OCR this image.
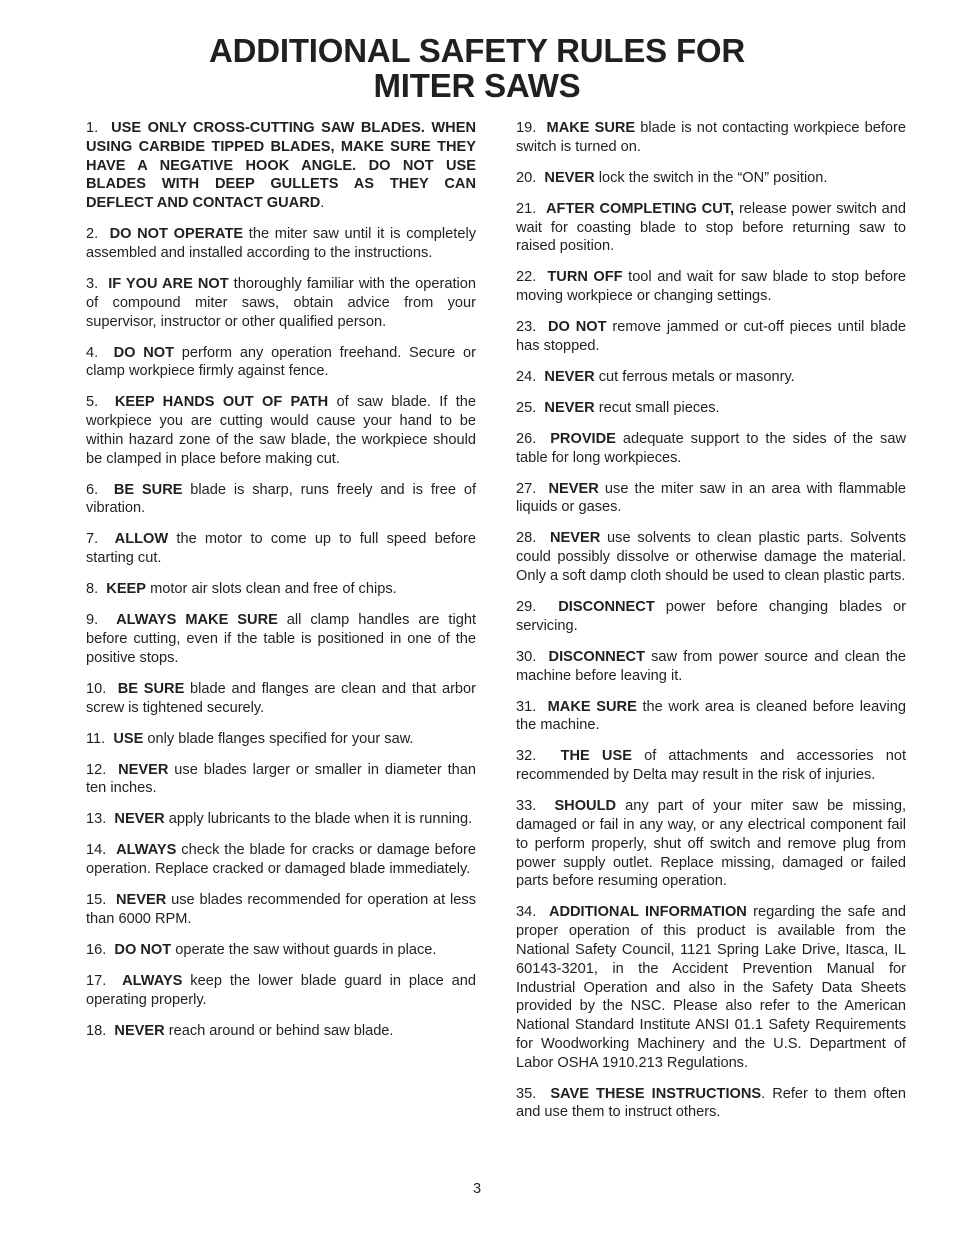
ADDITIONAL SAFETY RULES FOR
MITER SAWS

1. USE ONLY CROSS-CUTTING SAW BLADES. WHEN USING CARBIDE TIPPED BLADES, MAKE SURE THEY HAVE A NEGATIVE HOOK ANGLE. DO NOT USE BLADES WITH DEEP GULLETS AS THEY CAN DEFLECT AND CONTACT GUARD.

2. DO NOT OPERATE the miter saw until it is completely assembled and installed according to the instructions.

3. IF YOU ARE NOT thoroughly familiar with the operation of compound miter saws, obtain advice from your supervisor, instructor or other qualified person.

4. DO NOT perform any operation freehand. Secure or clamp workpiece firmly against fence.

5. KEEP HANDS OUT OF PATH of saw blade. If the workpiece you are cutting would cause your hand to be within hazard zone of the saw blade, the workpiece should be clamped in place before making cut.

6. BE SURE blade is sharp, runs freely and is free of vibration.

7. ALLOW the motor to come up to full speed before starting cut.

8. KEEP motor air slots clean and free of chips.

9. ALWAYS MAKE SURE all clamp handles are tight before cutting, even if the table is positioned in one of the positive stops.

10. BE SURE blade and flanges are clean and that arbor screw is tightened securely.

11. USE only blade flanges specified for your saw.

12. NEVER use blades larger or smaller in diameter than ten inches.

13. NEVER apply lubricants to the blade when it is running.

14. ALWAYS check the blade for cracks or damage before operation. Replace cracked or damaged blade immediately.

15. NEVER use blades recommended for operation at less than 6000 RPM.

16. DO NOT operate the saw without guards in place.

17. ALWAYS keep the lower blade guard in place and operating properly.

18. NEVER reach around or behind saw blade.

19. MAKE SURE blade is not contacting workpiece before switch is turned on.

20. NEVER lock the switch in the “ON” position.

21. AFTER COMPLETING CUT, release power switch and wait for coasting blade to stop before returning saw to raised position.

22. TURN OFF tool and wait for saw blade to stop before moving workpiece or changing settings.

23. DO NOT remove jammed or cut-off pieces until blade has stopped.

24. NEVER cut ferrous metals or masonry.

25. NEVER recut small pieces.

26. PROVIDE adequate support to the sides of the saw table for long workpieces.

27. NEVER use the miter saw in an area with flammable liquids or gases.

28. NEVER use solvents to clean plastic parts. Solvents could possibly dissolve or otherwise damage the material. Only a soft damp cloth should be used to clean plastic parts.

29. DISCONNECT power before changing blades or servicing.

30. DISCONNECT saw from power source and clean the machine before leaving it.

31. MAKE SURE the work area is cleaned before leaving the machine.

32. THE USE of attachments and accessories not recommended by Delta may result in the risk of injuries.

33. SHOULD any part of your miter saw be missing, damaged or fail in any way, or any electrical component fail to perform properly, shut off switch and remove plug from power supply outlet. Replace missing, damaged or failed parts before resuming operation.

34. ADDITIONAL INFORMATION regarding the safe and proper operation of this product is available from the National Safety Council, 1121 Spring Lake Drive, Itasca, IL 60143-3201, in the Accident Prevention Manual for Industrial Operation and also in the Safety Data Sheets provided by the NSC. Please also refer to the American National Standard Institute ANSI 01.1 Safety Requirements for Woodworking Machinery and the U.S. Department of Labor OSHA 1910.213 Regulations.

35. SAVE THESE INSTRUCTIONS. Refer to them often and use them to instruct others.

3
